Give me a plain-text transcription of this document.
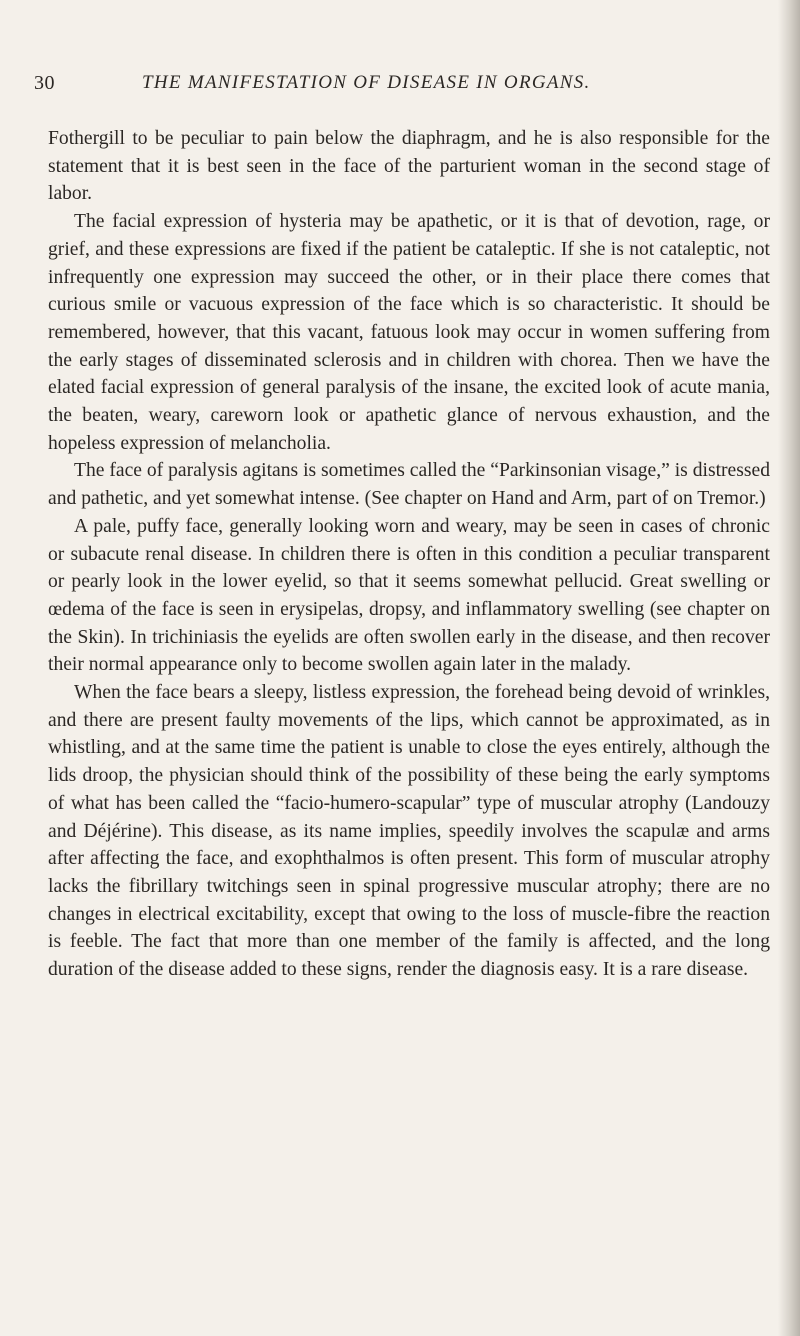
30	THE MANIFESTATION OF DISEASE IN ORGANS.

Fothergill to be peculiar to pain below the diaphragm, and he is also responsible for the statement that it is best seen in the face of the parturient woman in the second stage of labor.

The facial expression of hysteria may be apathetic, or it is that of devotion, rage, or grief, and these expressions are fixed if the patient be cataleptic. If she is not cataleptic, not infrequently one expression may succeed the other, or in their place there comes that curious smile or vacuous expression of the face which is so characteristic. It should be remembered, however, that this vacant, fatuous look may occur in women suffering from the early stages of disseminated sclerosis and in children with chorea. Then we have the elated facial expression of general paralysis of the insane, the excited look of acute mania, the beaten, weary, careworn look or apathetic glance of nervous exhaustion, and the hopeless expression of melancholia.

The face of paralysis agitans is sometimes called the “Parkinsonian visage,” is distressed and pathetic, and yet somewhat intense. (See chapter on Hand and Arm, part of on Tremor.)

A pale, puffy face, generally looking worn and weary, may be seen in cases of chronic or subacute renal disease. In children there is often in this condition a peculiar transparent or pearly look in the lower eyelid, so that it seems somewhat pellucid. Great swelling or œdema of the face is seen in erysipelas, dropsy, and inflammatory swelling (see chapter on the Skin). In trichiniasis the eyelids are often swollen early in the disease, and then recover their normal appearance only to become swollen again later in the malady.

When the face bears a sleepy, listless expression, the forehead being devoid of wrinkles, and there are present faulty movements of the lips, which cannot be approximated, as in whistling, and at the same time the patient is unable to close the eyes entirely, although the lids droop, the physician should think of the possibility of these being the early symptoms of what has been called the “facio-humero-scapular” type of muscular atrophy (Landouzy and Déjérine). This disease, as its name implies, speedily involves the scapulæ and arms after affecting the face, and exophthalmos is often present. This form of muscular atrophy lacks the fibrillary twitchings seen in spinal progressive muscular atrophy; there are no changes in electrical excitability, except that owing to the loss of muscle-fibre the reaction is feeble. The fact that more than one member of the family is affected, and the long duration of the disease added to these signs, render the diagnosis easy. It is a rare disease.
